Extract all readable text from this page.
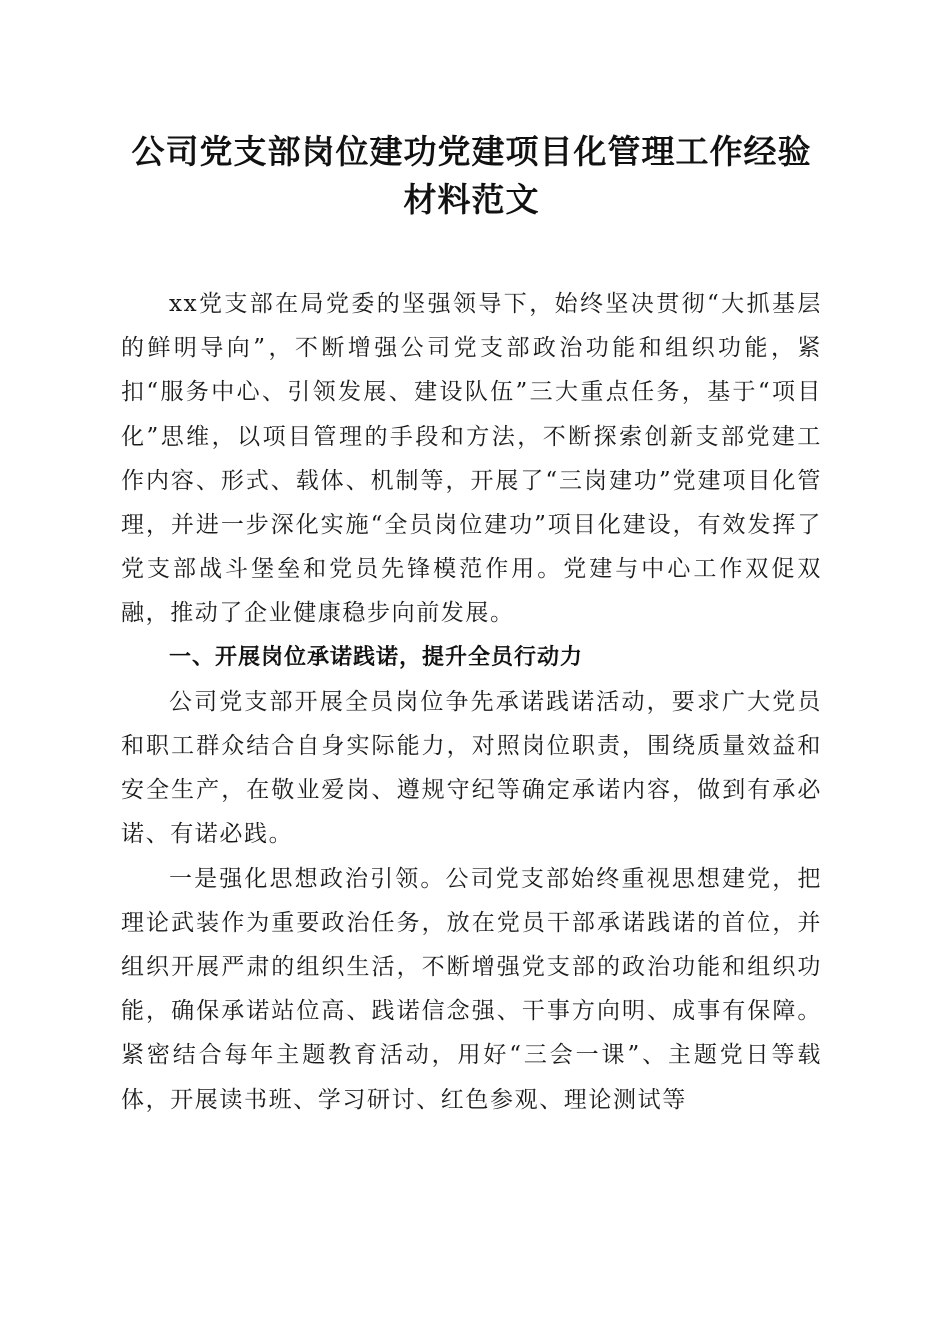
公司党支部岗位建功党建项目化管理工作经验
材料范文

xx党支部在局党委的坚强领导下，始终坚决贯彻“大抓基层的鲜明导向”，不断增强公司党支部政治功能和组织功能，紧扣“服务中心、引领发展、建设队伍”三大重点任务，基于“项目化”思维，以项目管理的手段和方法，不断探索创新支部党建工作内容、形式、载体、机制等，开展了“三岗建功”党建项目化管理，并进一步深化实施“全员岗位建功”项目化建设，有效发挥了党支部战斗堡垒和党员先锋模范作用。党建与中心工作双促双融，推动了企业健康稳步向前发展。

一、开展岗位承诺践诺，提升全员行动力

公司党支部开展全员岗位争先承诺践诺活动，要求广大党员和职工群众结合自身实际能力，对照岗位职责，围绕质量效益和安全生产，在敬业爱岗、遵规守纪等确定承诺内容，做到有承必诺、有诺必践。

一是强化思想政治引领。公司党支部始终重视思想建党，把理论武装作为重要政治任务，放在党员干部承诺践诺的首位，并组织开展严肃的组织生活，不断增强党支部的政治功能和组织功能，确保承诺站位高、践诺信念强、干事方向明、成事有保障。紧密结合每年主题教育活动，用好“三会一课”、主题党日等载体，开展读书班、学习研讨、红色参观、理论测试等
